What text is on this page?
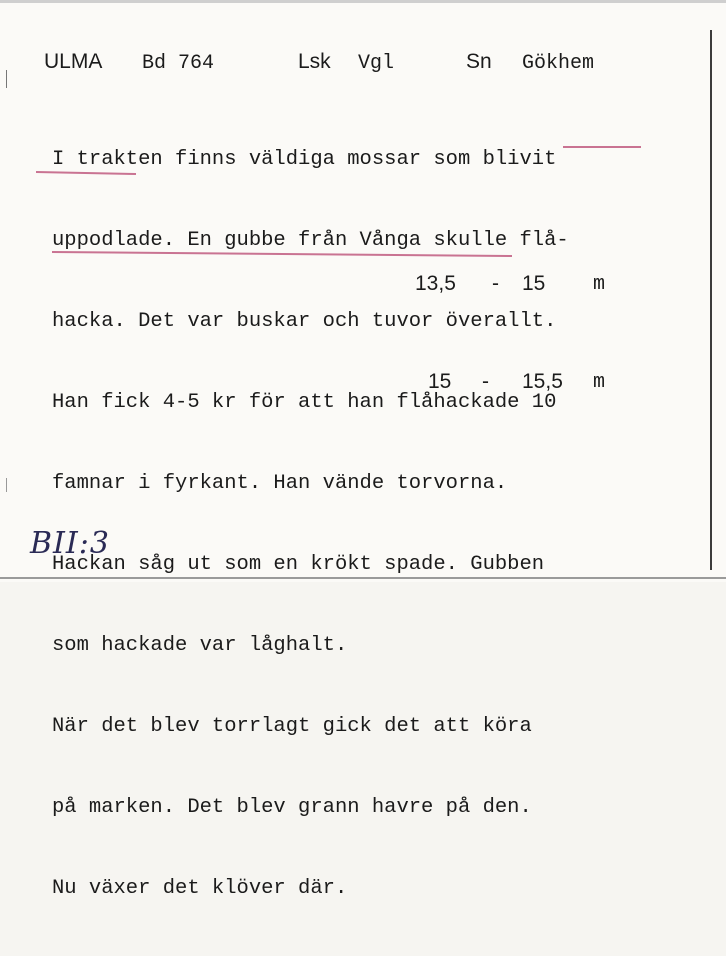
ULMA Bd 764	Lsk Vgl	Sn Gökhem

I trakten finns väldiga mossar som blivit

uppodlade. En gubbe från Vånga skulle flå-

hacka. Det var buskar och tuvor överallt.

Han fick 4-5 kr för att han flåhackade 10

famnar i fyrkant. Han vände torvorna.

Hackan såg ut som en krökt spade. Gubben

som hackade var låghalt.

När det blev torrlagt gick det att köra

på marken. Det blev grann havre på den.

Nu växer det klöver där.

13,5 - 15 m
15 - 15,5 m
BII:3
